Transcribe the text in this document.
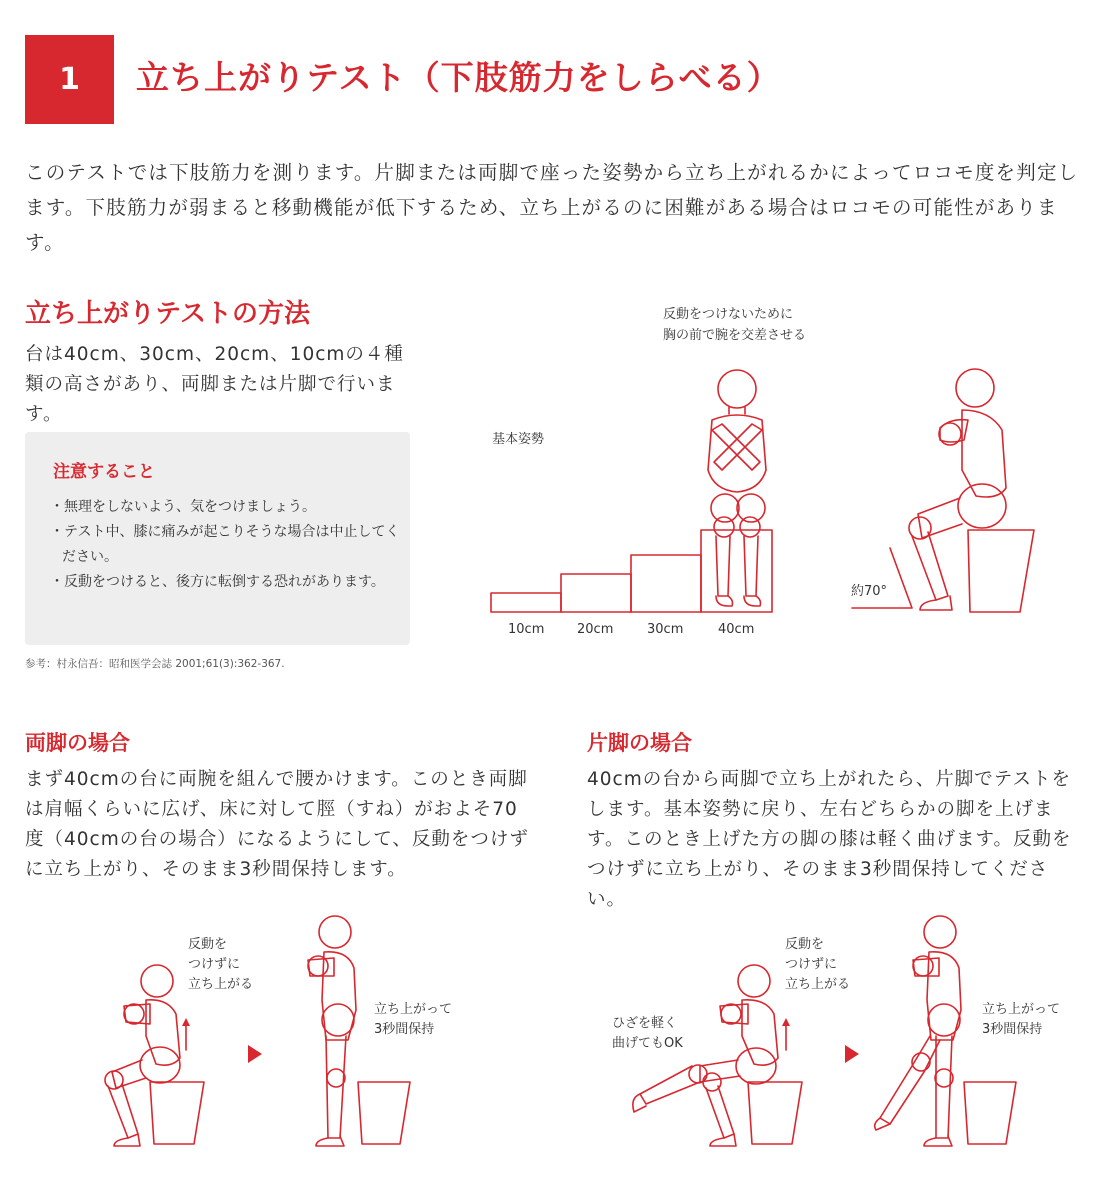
1 立ち上がりテスト（下肢筋力をしらべる）
このテストでは下肢筋力を測ります。片脚または両脚で座った姿勢から立ち上がれるかによってロコモ度を判定します。下肢筋力が弱まると移動機能が低下するため、立ち上がるのに困難がある場合はロコモの可能性があります。
立ち上がりテストの方法
台は40cm、30cm、20cm、10cmの４種類の高さがあり、両脚または片脚で行います。
注意すること
・無理をしないよう、気をつけましょう。
・テスト中、膝に痛みが起こりそうな場合は中止してください。
・反動をつけると、後方に転倒する恐れがあります。
参考：村永信吾：昭和医学会誌 2001;61(3):362-367.
反動をつけないために
胸の前で腕を交差させる
基本姿勢
10cm	20cm	30cm	40cm
約70°
両脚の場合
まず40cmの台に両腕を組んで腰かけます。このとき両脚は肩幅くらいに広げ、床に対して脛（すね）がおよそ70度（40cmの台の場合）になるようにして、反動をつけずに立ち上がり、そのまま3秒間保持します。
反動を
つけずに
立ち上がる
立ち上がって
3秒間保持
片脚の場合
40cmの台から両脚で立ち上がれたら、片脚でテストをします。基本姿勢に戻り、左右どちらかの脚を上げます。このとき上げた方の脚の膝は軽く曲げます。反動をつけずに立ち上がり、そのまま3秒間保持してください。
ひざを軽く
曲げてもOK
反動を
つけずに
立ち上がる
立ち上がって
3秒間保持
